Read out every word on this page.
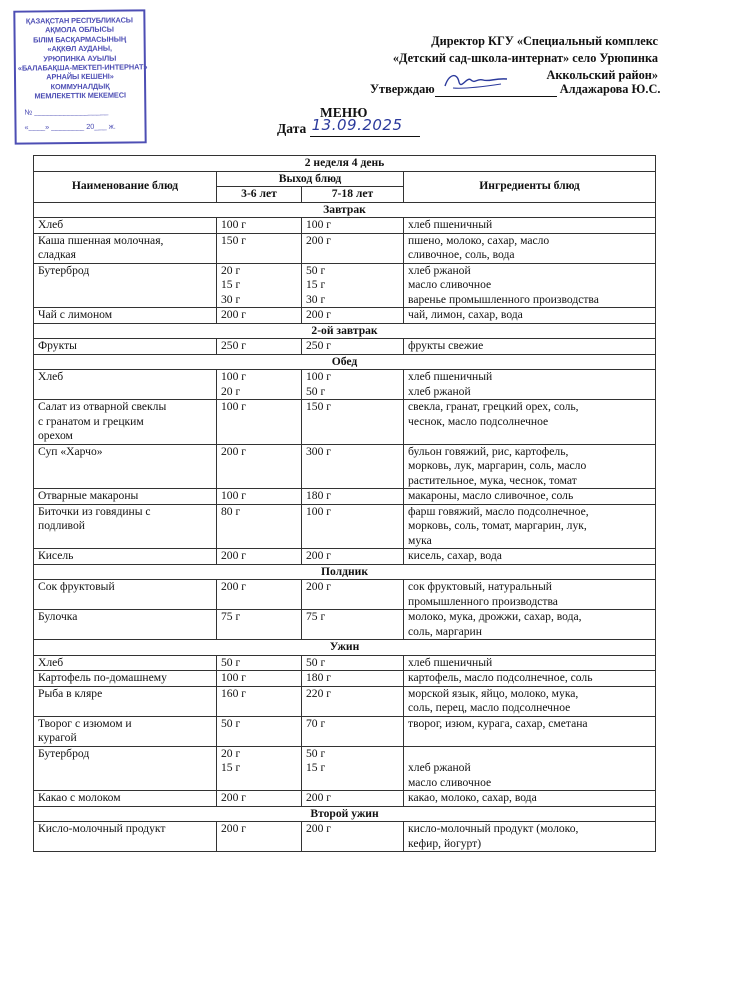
ҚАЗАҚСТАН РЕСПУБЛИКАСЫ
АҚМОЛА ОБЛЫСЫ
БІЛІМ БАСҚАРМАСЫНЫҢ
«АҚКӨЛ АУДАНЫ,
УРЮПИНКА АУЫЛЫ
«БАЛАБАҚША-МЕКТЕП-ИНТЕРНАТ»
АРНАЙЫ КЕШЕНІ»
КОММУНАЛДЫҚ
МЕМЛЕКЕТТІК МЕКЕМЕСІ
№ __________________
«____» ________ 20___ ж.
Директор КГУ «Специальный комплекс
«Детский сад-школа-интернат» село Урюпинка
Аккольский район»
Утверждаю	Алдажарова Ю.С.
МЕНЮ
Дата 13.09.2025
2 неделя 4 день			
Наименование блюд	Выход блюд		Ингредиенты блюд
	3-6 лет	7-18 лет	
Завтрак			
Хлеб	100 г	100 г	хлеб пшеничный
Каша пшенная молочная,
сладкая	150 г	200 г	пшено, молоко, сахар, масло
сливочное, соль, вода
Бутерброд	20 г
15 г
30 г	50 г
15 г
30 г	хлеб ржаной
масло сливочное
варенье промышленного производства
Чай с лимоном	200 г	200 г	чай, лимон, сахар, вода
2-ой завтрак			
Фрукты	250 г	250 г	фрукты свежие
Обед			
Хлеб	100 г
20 г	100 г
50 г	хлеб пшеничный
хлеб ржаной
Салат из отварной свеклы
с гранатом и грецким
орехом	100 г	150 г	свекла, гранат, грецкий орех, соль,
чеснок, масло подсолнечное
Суп «Харчо»	200 г	300 г	бульон говяжий, рис, картофель,
морковь, лук, маргарин, соль, масло
растительное, мука, чеснок, томат
Отварные макароны	100 г	180 г	макароны, масло сливочное, соль
Биточки из говядины с
подливой	80 г	100 г	фарш говяжий, масло подсолнечное,
морковь, соль, томат, маргарин, лук,
мука
Кисель	200 г	200 г	кисель, сахар, вода
Полдник			
Сок фруктовый	200 г	200 г	сок фруктовый, натуральный
промышленного производства
Булочка	75 г	75 г	молоко, мука, дрожжи, сахар, вода,
соль, маргарин
Ужин			
Хлеб	50 г	50 г	хлеб пшеничный
Картофель по-домашнему	100 г	180 г	картофель, масло подсолнечное, соль
Рыба в кляре	160 г	220 г	морской язык, яйцо, молоко, мука,
соль, перец, масло подсолнечное
Творог с изюмом и
курагой	50 г	70 г	творог, изюм, курага, сахар, сметана
Бутерброд	20 г
15 г	50 г
15 г	
хлеб ржаной
масло сливочное
Какао с молоком	200 г	200 г	какао, молоко, сахар, вода
Второй ужин			
Кисло-молочный продукт	200 г	200 г	кисло-молочный продукт (молоко,
кефир, йогурт)
